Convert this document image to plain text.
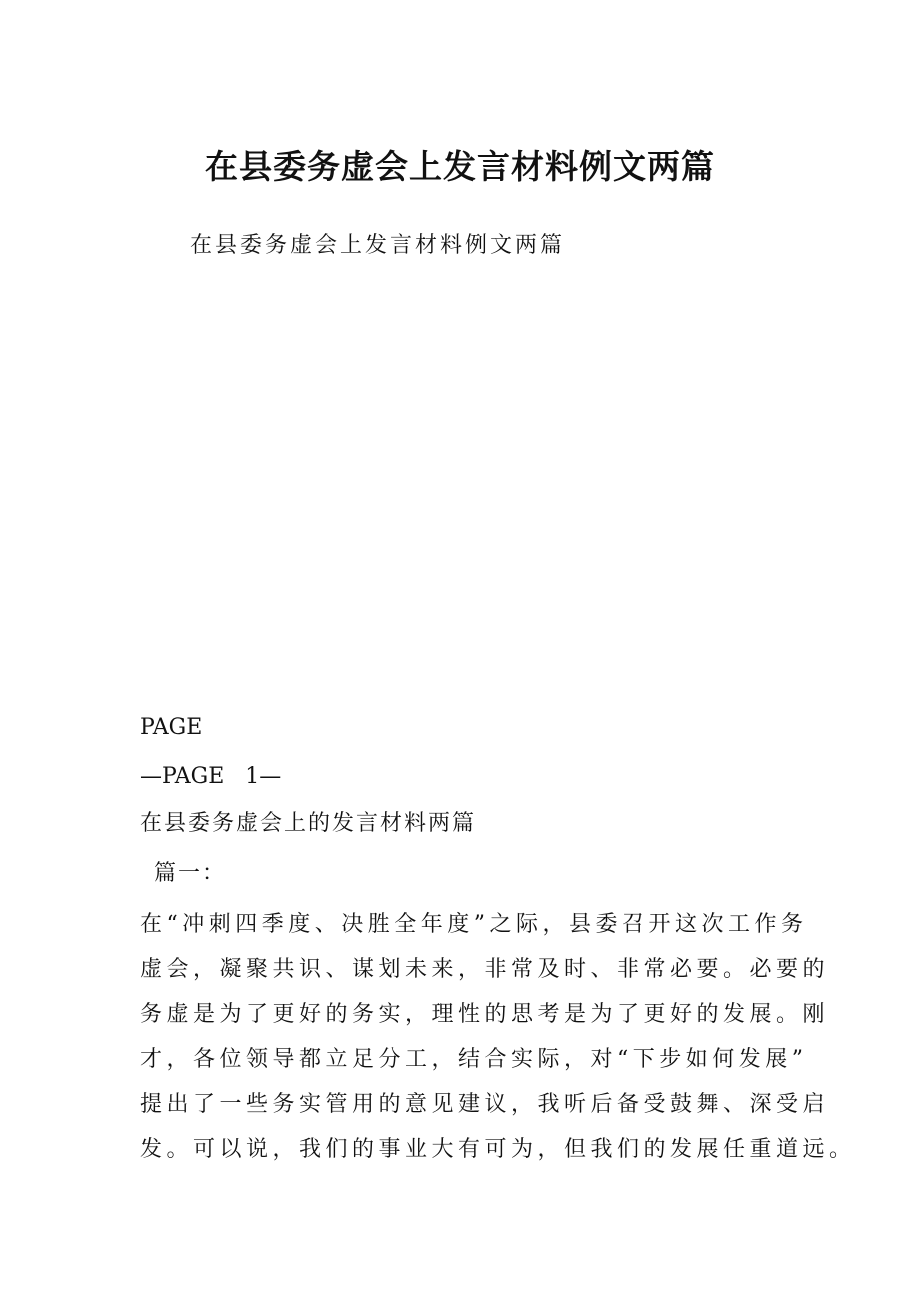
在县委务虚会上发言材料例文两篇
在县委务虚会上发言材料例文两篇
PAGE
—PAGE   1—
在县委务虚会上的发言材料两篇
篇一：
在“冲刺四季度、决胜全年度”之际，县委召开这次工作务
虚会，凝聚共识、谋划未来，非常及时、非常必要。必要的
务虚是为了更好的务实，理性的思考是为了更好的发展。刚
才，各位领导都立足分工，结合实际，对“下步如何发展”
提出了一些务实管用的意见建议，我听后备受鼓舞、深受启
发。可以说，我们的事业大有可为，但我们的发展任重道远。
